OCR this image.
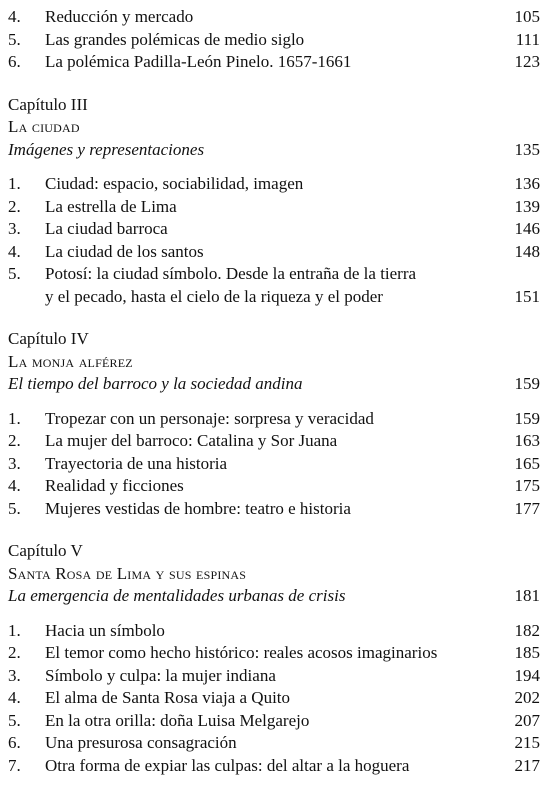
4.	Reducción y mercado	105
5.	Las grandes polémicas de medio siglo	111
6.	La polémica Padilla-León Pinelo. 1657-1661	123
Capítulo III
La ciudad
Imágenes y representaciones	135
1.	Ciudad: espacio, sociabilidad, imagen	136
2.	La estrella de Lima	139
3.	La ciudad barroca	146
4.	La ciudad de los santos	148
5.	Potosí: la ciudad símbolo. Desde la entraña de la tierra
y el pecado, hasta el cielo de la riqueza y el poder	151
Capítulo IV
La monja alférez
El tiempo del barroco y la sociedad andina	159
1.	Tropezar con un personaje: sorpresa y veracidad	159
2.	La mujer del barroco: Catalina y Sor Juana	163
3.	Trayectoria de una historia	165
4.	Realidad y ficciones	175
5.	Mujeres vestidas de hombre: teatro e historia	177
Capítulo V
Santa Rosa de Lima y sus espinas
La emergencia de mentalidades urbanas de crisis	181
1.	Hacia un símbolo	182
2.	El temor como hecho histórico: reales acosos imaginarios	185
3.	Símbolo y culpa: la mujer indiana	194
4.	El alma de Santa Rosa viaja a Quito	202
5.	En la otra orilla: doña Luisa Melgarejo	207
6.	Una presurosa consagración	215
7.	Otra forma de expiar las culpas: del altar a la hoguera	217
